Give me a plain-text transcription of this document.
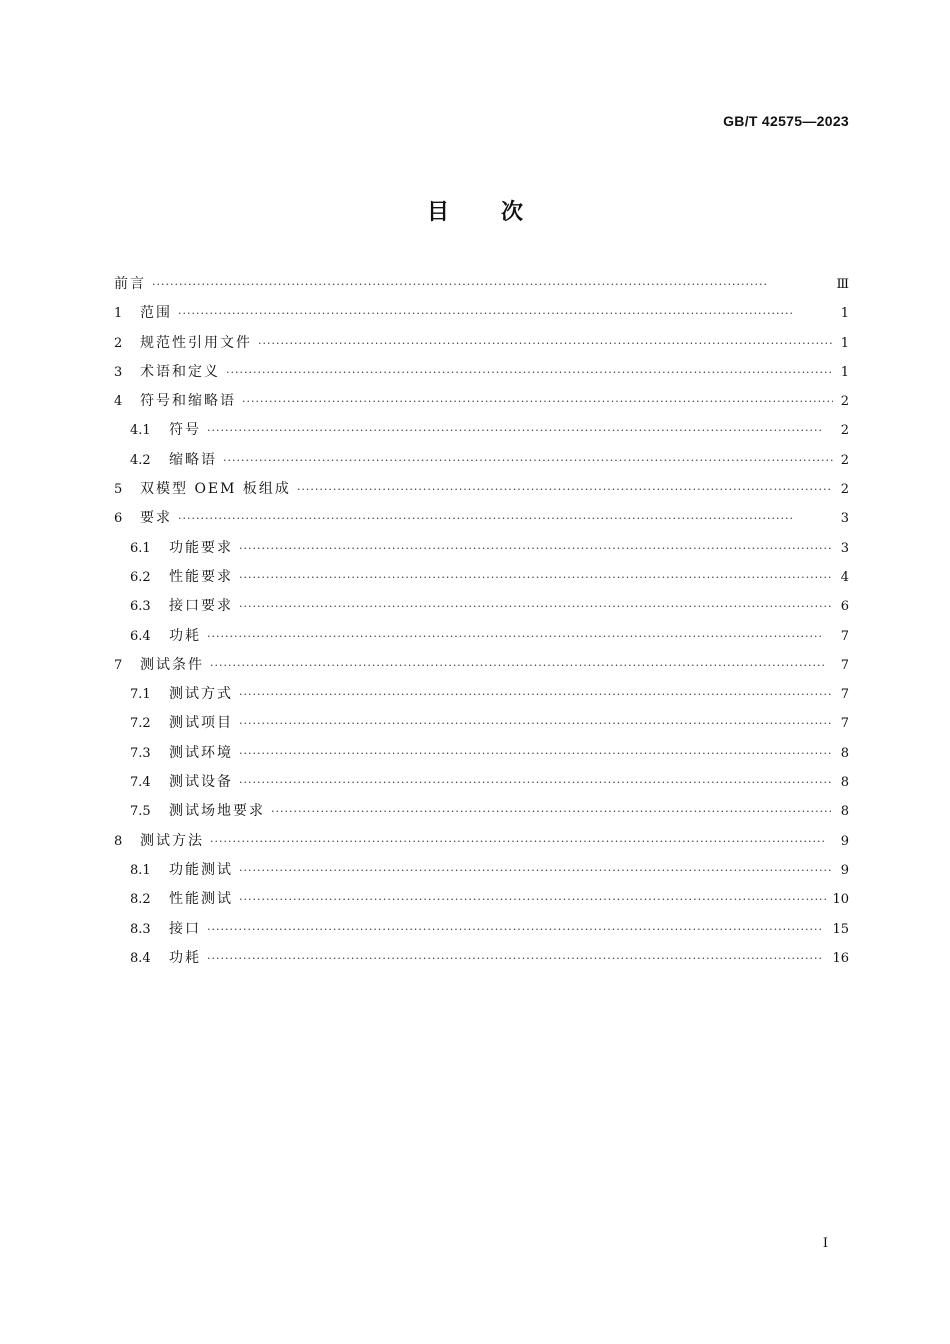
GB/T 42575—2023
目次
前言 ·····	Ⅲ
1	范围 ·····	1
2	规范性引用文件 ·····	1
3	术语和定义 ·····	1
4	符号和缩略语 ·····	2
4.1	符号 ·····	2
4.2	缩略语 ·····	2
5	双模型 OEM 板组成 ·····	2
6	要求 ·····	3
6.1	功能要求 ·····	3
6.2	性能要求 ·····	4
6.3	接口要求 ·····	6
6.4	功耗 ·····	7
7	测试条件 ·····	7
7.1	测试方式 ·····	7
7.2	测试项目 ·····	7
7.3	测试环境 ·····	8
7.4	测试设备 ·····	8
7.5	测试场地要求 ·····	8
8	测试方法 ·····	9
8.1	功能测试 ·····	9
8.2	性能测试 ·····	10
8.3	接口 ·····	15
8.4	功耗 ·····	16
I
